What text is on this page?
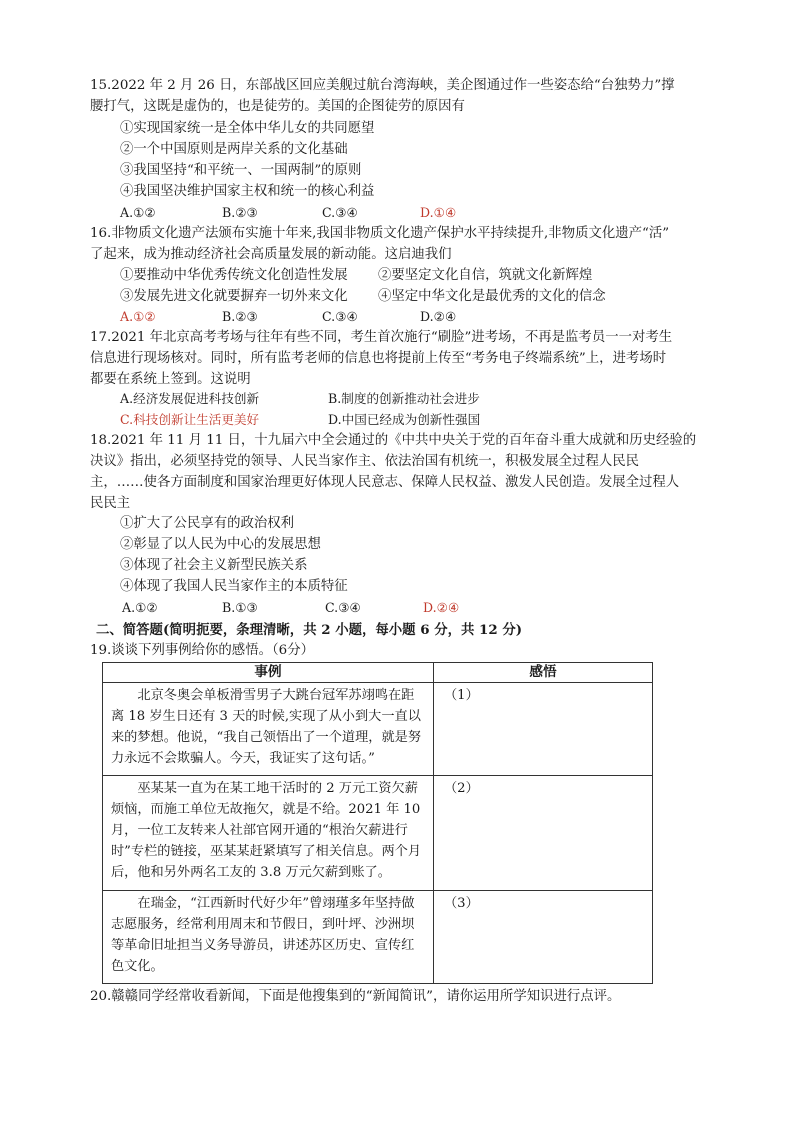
15.2022 年 2 月 26 日，东部战区回应美舰过航台湾海峡，美企图通过作一些姿态给“台独势力”撑
腰打气，这既是虚伪的，也是徒劳的。美国的企图徒劳的原因有
①实现国家统一是全体中华儿女的共同愿望
②一个中国原则是两岸关系的文化基础
③我国坚持“和平统一、一国两制”的原则
④我国坚决维护国家主权和统一的核心利益
A.①②	B.②③	C.③④	D.①④
16.非物质文化遗产法颁布实施十年来,我国非物质文化遗产保护水平持续提升,非物质文化遗产“活”
了起来，成为推动经济社会高质量发展的新动能。这启迪我们
①要推动中华优秀传统文化创造性发展 ②要坚定文化自信，筑就文化新辉煌
③发展先进文化就要摒弃一切外来文化 ④坚定中华文化是最优秀的文化的信念
A.①②	B.②③	C.③④	D.②④
17.2021 年北京高考考场与往年有些不同，考生首次施行“刷脸”进考场，不再是监考员一一对考生
信息进行现场核对。同时，所有监考老师的信息也将提前上传至“考务电子终端系统”上，进考场时
都要在系统上签到。这说明
A.经济发展促进科技创新	B.制度的创新推动社会进步
C.科技创新让生活更美好	D.中国已经成为创新性强国
18.2021 年 11 月 11 日，十九届六中全会通过的《中共中央关于党的百年奋斗重大成就和历史经验的
决议》指出，必须坚持党的领导、人民当家作主、依法治国有机统一，积极发展全过程人民民
主，……使各方面制度和国家治理更好体现人民意志、保障人民权益、激发人民创造。发展全过程人
民民主
①扩大了公民享有的政治权利
②彰显了以人民为中心的发展思想
③体现了社会主义新型民族关系
④体现了我国人民当家作主的本质特征
A.①②	B.①③	C.③④	D.②④
二、简答题(简明扼要，条理清晰，共 2 小题，每小题 6 分，共 12 分)
19.谈谈下列事例给你的感悟。（6分）
事例	感悟
北京冬奥会单板滑雪男子大跳台冠军苏翊鸣在距离 18 岁生日还有 3 天的时候,实现了从小到大一直以来的梦想。他说，“我自己领悟出了一个道理，就是努力永远不会欺骗人。今天，我证实了这句话。”	（1）
巫某某一直为在某工地干活时的 2 万元工资欠薪烦恼，而施工单位无故拖欠，就是不给。2021 年 10 月，一位工友转来人社部官网开通的“根治欠薪进行时”专栏的链接，巫某某赶紧填写了相关信息。两个月后，他和另外两名工友的 3.8 万元欠薪到账了。	（2）
在瑞金，“江西新时代好少年”曾翊瑾多年坚持做志愿服务，经常利用周末和节假日，到叶坪、沙洲坝等革命旧址担当义务导游员，讲述苏区历史、宣传红色文化。	（3）
20.赣赣同学经常收看新闻，下面是他搜集到的“新闻简讯”，请你运用所学知识进行点评。
